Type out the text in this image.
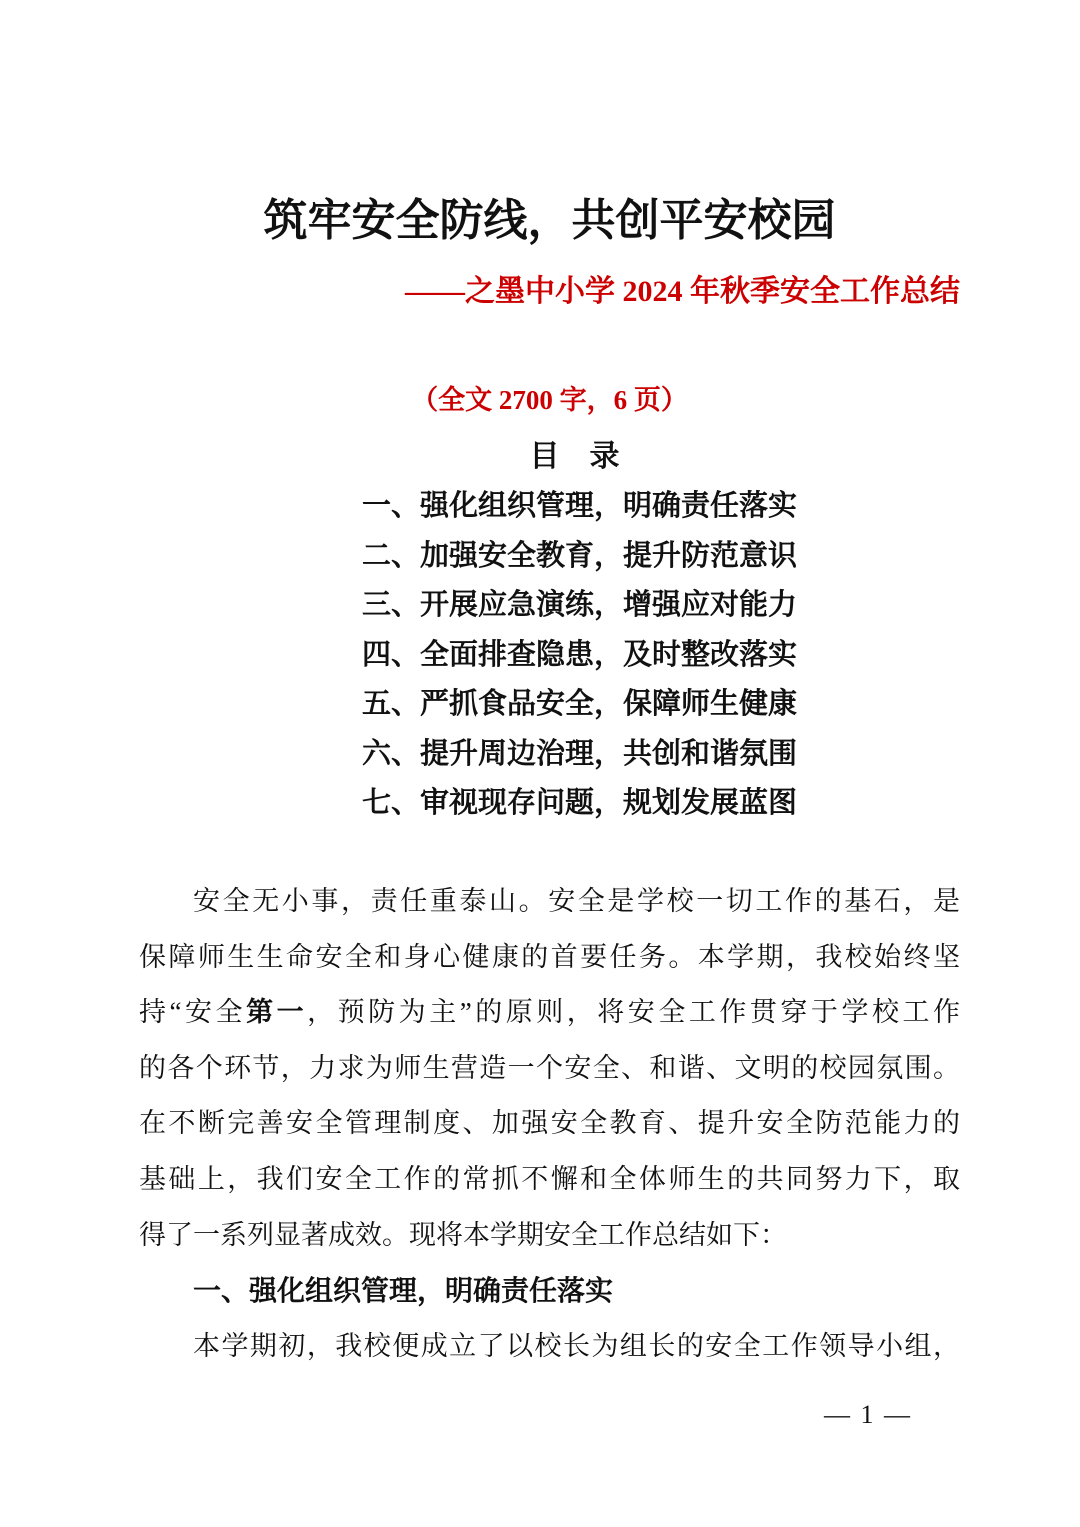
筑牢安全防线，共创平安校园
——之墨中小学 2024 年秋季安全工作总结
（全文 2700 字，6 页）
目　录
一、强化组织管理，明确责任落实
二、加强安全教育，提升防范意识
三、开展应急演练，增强应对能力
四、全面排查隐患，及时整改落实
五、严抓食品安全，保障师生健康
六、提升周边治理，共创和谐氛围
七、审视现存问题，规划发展蓝图
安全无小事，责任重泰山。安全是学校一切工作的基石，是
保障师生生命安全和身心健康的首要任务。本学期，我校始终坚
持“安全第一，预防为主”的原则，将安全工作贯穿于学校工作
的各个环节，力求为师生营造一个安全、和谐、文明的校园氛围。
在不断完善安全管理制度、加强安全教育、提升安全防范能力的
基础上，我们安全工作的常抓不懈和全体师生的共同努力下，取
得了一系列显著成效。现将本学期安全工作总结如下：
一、强化组织管理，明确责任落实
本学期初，我校便成立了以校长为组长的安全工作领导小组，
— 1 —
